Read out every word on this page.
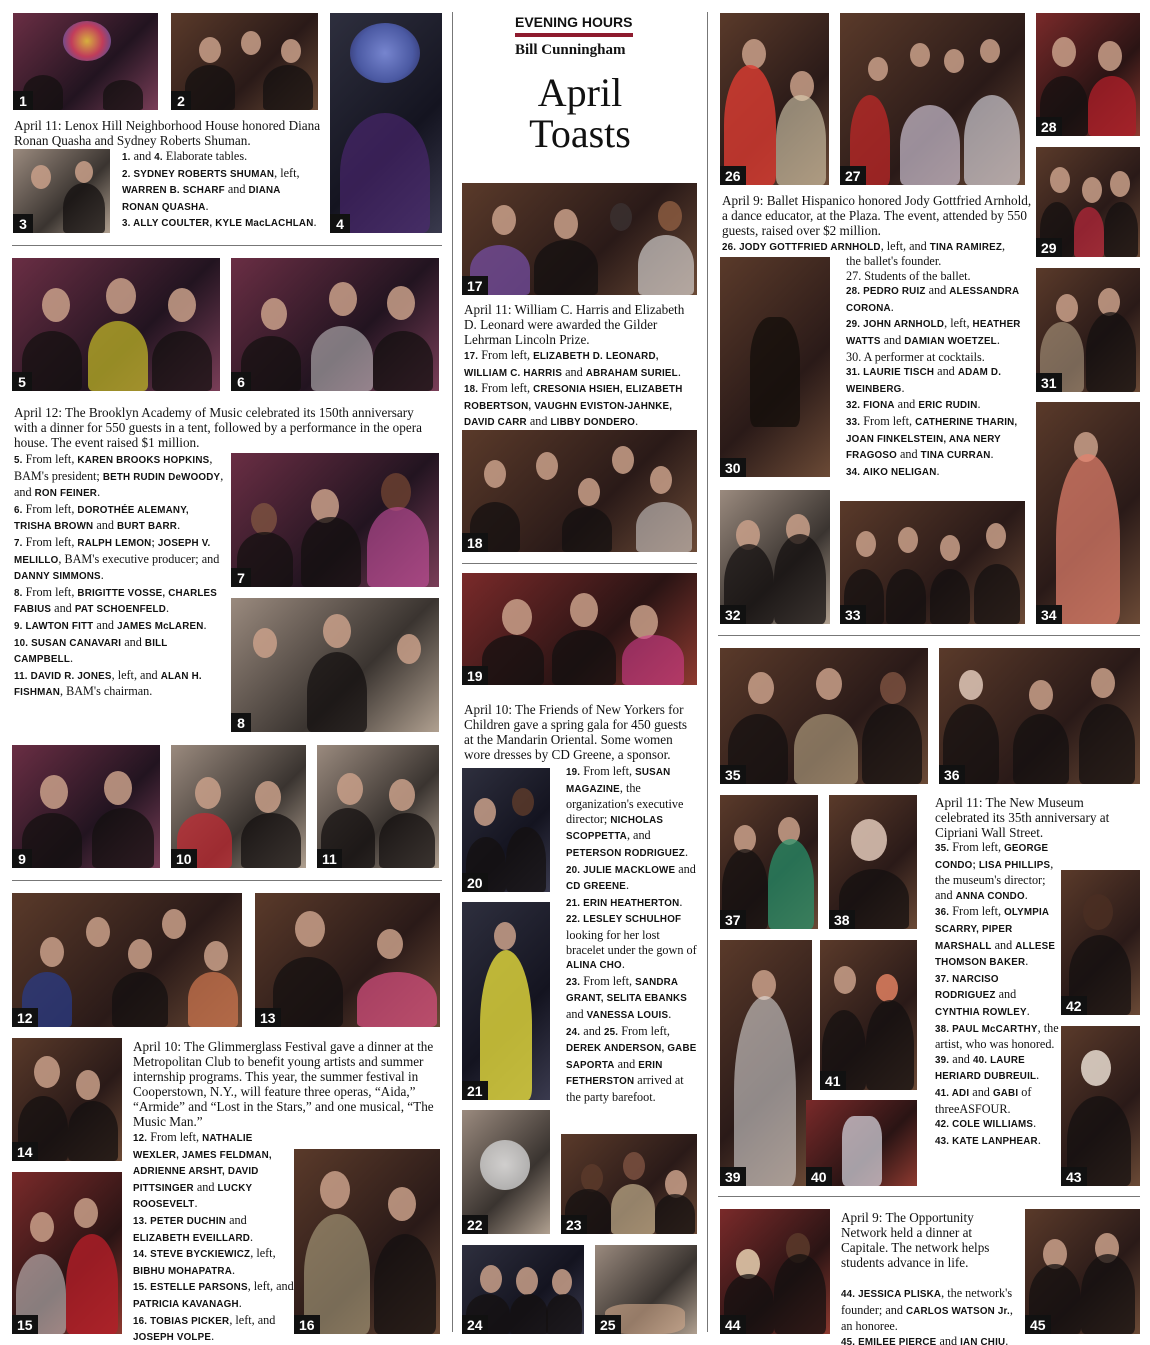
EVENING HOURS
Bill Cunningham
April
Toasts
1	2
4
April 11: Lenox Hill Neighborhood House honored Diana Ronan Quasha and Sydney Roberts Shuman.
3
1. and 4. Elaborate tables.
2. SYDNEY ROBERTS SHUMAN, left,
WARREN B. SCHARF and DIANA
RONAN QUASHA.
3. ALLY COULTER, KYLE MacLACHLAN.
5	6
April 12: The Brooklyn Academy of Music celebrated its 150th anniversary with a dinner for 550 guests in a tent, followed by a performance in the opera house. The event raised $1 million.
5. From left, KAREN BROOKS HOPKINS, BAM's president; BETH RUDIN DeWOODY, and RON FEINER.
6. From left, DOROTHÉE ALEMANY, TRISHA BROWN and BURT BARR.
7. From left, RALPH LEMON; JOSEPH V. MELILLO, BAM's executive producer; and DANNY SIMMONS.
8. From left, BRIGITTE VOSSE, CHARLES FABIUS and PAT SCHOENFELD.
9. LAWTON FITT and JAMES McLAREN.
10. SUSAN CANAVARI and BILL CAMPBELL.
11. DAVID R. JONES, left, and ALAN H. FISHMAN, BAM's chairman.
7
8
9	10	11
12	13
April 10: The Glimmerglass Festival gave a dinner at the Metropolitan Club to benefit young artists and summer internship programs. This year, the summer festival in Cooperstown, N.Y., will feature three operas, “Aida,” “Armide” and “Lost in the Stars,” and one musical, “The Music Man.”
14
15
12. From left, NATHALIE WEXLER, JAMES FELDMAN, ADRIENNE ARSHT, DAVID PITTSINGER and LUCKY ROOSEVELT.
13. PETER DUCHIN and ELIZABETH EVEILLARD.
14. STEVE BYCKIEWICZ, left, BIBHU MOHAPATRA.
15. ESTELLE PARSONS, left, and PATRICIA KAVANAGH.
16. TOBIAS PICKER, left, and JOSEPH VOLPE.
16
17
April 11: William C. Harris and Elizabeth D. Leonard were awarded the Gilder Lehrman Lincoln Prize.
17. From left, ELIZABETH D. LEONARD, WILLIAM C. HARRIS and ABRAHAM SURIEL.
18. From left, CRESONIA HSIEH, ELIZABETH ROBERTSON, VAUGHN EVISTON-JAHNKE, DAVID CARR and LIBBY DONDERO.
18
19
April 10: The Friends of New Yorkers for Children gave a spring gala for 450 guests at the Mandarin Oriental. Some women wore dresses by CD Greene, a sponsor.
20
21
19. From left, SUSAN MAGAZINE, the organization's executive director; NICHOLAS SCOPPETTA, and PETERSON RODRIGUEZ.
20. JULIE MACKLOWE and CD GREENE.
21. ERIN HEATHERTON.
22. LESLEY SCHULHOF looking for her lost bracelet under the gown of ALINA CHO.
23. From left, SANDRA GRANT, SELITA EBANKS and VANESSA LOUIS.
24. and 25. From left, DEREK ANDERSON, GABE SAPORTA and ERIN FETHERSTON arrived at the party barefoot.
22	23
24	25
26	27
28
29
April 9: Ballet Hispanico honored Jody Gottfried Arnhold, a dance educator, at the Plaza. The event, attended by 550 guests, raised over $2 million.
26. JODY GOTTFRIED ARNHOLD, left, and TINA RAMIREZ,
30
the ballet's founder.
27. Students of the ballet.
28. PEDRO RUIZ and ALESSANDRA CORONA.
29. JOHN ARNHOLD, left, HEATHER WATTS and DAMIAN WOETZEL.
30. A performer at cocktails.
31. LAURIE TISCH and ADAM D. WEINBERG.
32. FIONA and ERIC RUDIN.
33. From left, CATHERINE THARIN, JOAN FINKELSTEIN, ANA NERY FRAGOSO and TINA CURRAN.
34. AIKO NELIGAN.
31
34
32	33
35	36
April 11: The New Museum celebrated its 35th anniversary at Cipriani Wall Street.
37	38
35. From left, GEORGE CONDO; LISA PHILLIPS, the museum's director; and ANNA CONDO.
36. From left, OLYMPIA SCARRY, PIPER MARSHALL and ALLESE THOMSON BAKER.
37. NARCISO RODRIGUEZ and CYNTHIA ROWLEY.
38. PAUL McCARTHY, the artist, who was honored.
39. and 40. LAURE HERIARD DUBREUIL.
41. ADI and GABI of threeASFOUR.
42. COLE WILLIAMS.
43. KATE LANPHEAR.
42
39
41
40	43
44
April 9: The Opportunity Network held a dinner at Capitale. The network helps students advance in life.
44. JESSICA PLISKA, the network's founder; and CARLOS WATSON Jr., an honoree.
45. EMILEE PIERCE and IAN CHIU.
45
